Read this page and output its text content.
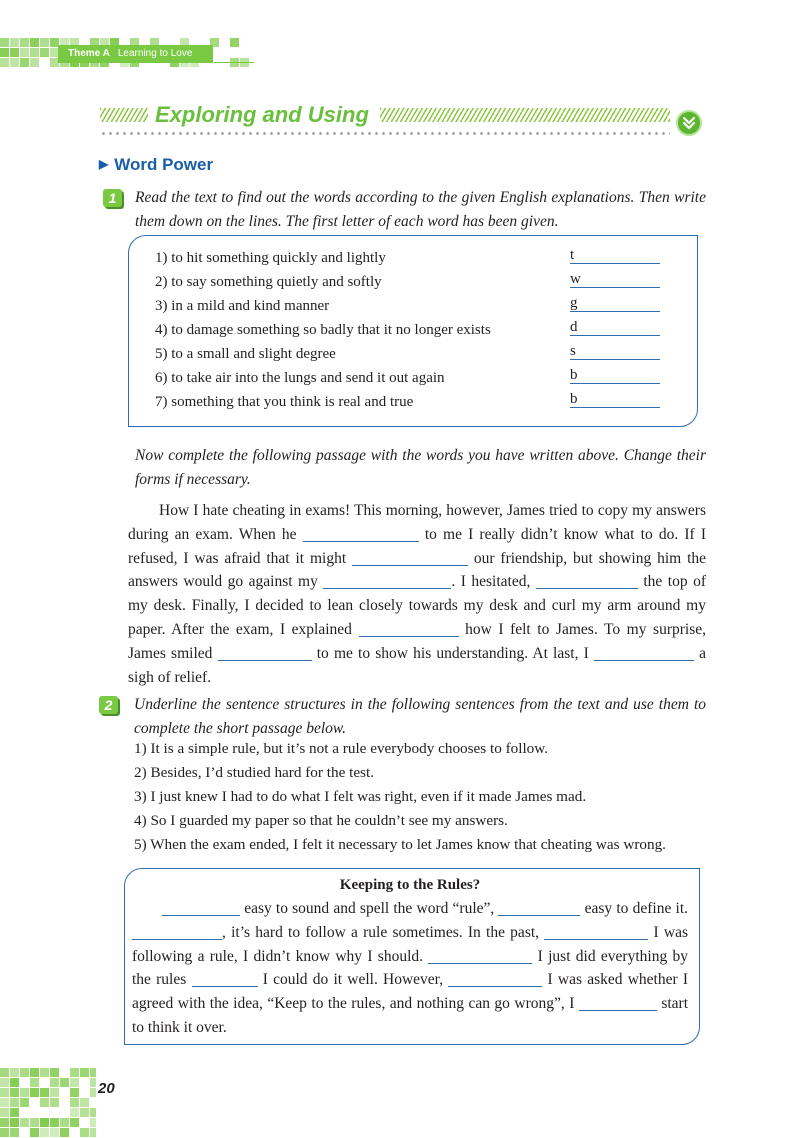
Theme A Learning to Love
Exploring and Using
▶ Word Power
1	Read the text to find out the words according to the given English explanations. Then write them down on the lines. The first letter of each word has been given.
1) to hit something quickly and lightly	t
2) to say something quietly and softly	w
3) in a mild and kind manner	g
4) to damage something so badly that it no longer exists	d
5) to a small and slight degree	s
6) to take air into the lungs and send it out again	b
7) something that you think is real and true	b
Now complete the following passage with the words you have written above. Change their forms if necessary.

How I hate cheating in exams! This morning, however, James tried to copy my answers during an exam. When he	to me I really didn’t know what to do. If I refused, I was afraid that it might	our friendship, but showing him the answers would go against my	. I hesitated,	the top of my desk. Finally, I decided to lean closely towards my desk and curl my arm around my paper. After the exam, I explained	how I felt to James. To my surprise, James smiled	to me to show his understanding. At last, I	a sigh of relief.

2	Underline the sentence structures in the following sentences from the text and use them to complete the short passage below.
1) It is a simple rule, but it’s not a rule everybody chooses to follow.
2) Besides, I’d studied hard for the test.
3) I just knew I had to do what I felt was right, even if it made James mad.
4) So I guarded my paper so that he couldn’t see my answers.
5) When the exam ended, I felt it necessary to let James know that cheating was wrong.
Keeping to the Rules?

easy to sound and spell the word “rule”,	easy to define it. , it’s hard to follow a rule sometimes. In the past,	I was following a rule, I didn’t know why I should.	I just did everything by the rules	I could do it well. However,	I was asked whether I agreed with the idea, “Keep to the rules, and nothing can go wrong”, I	start to think it over.

20
